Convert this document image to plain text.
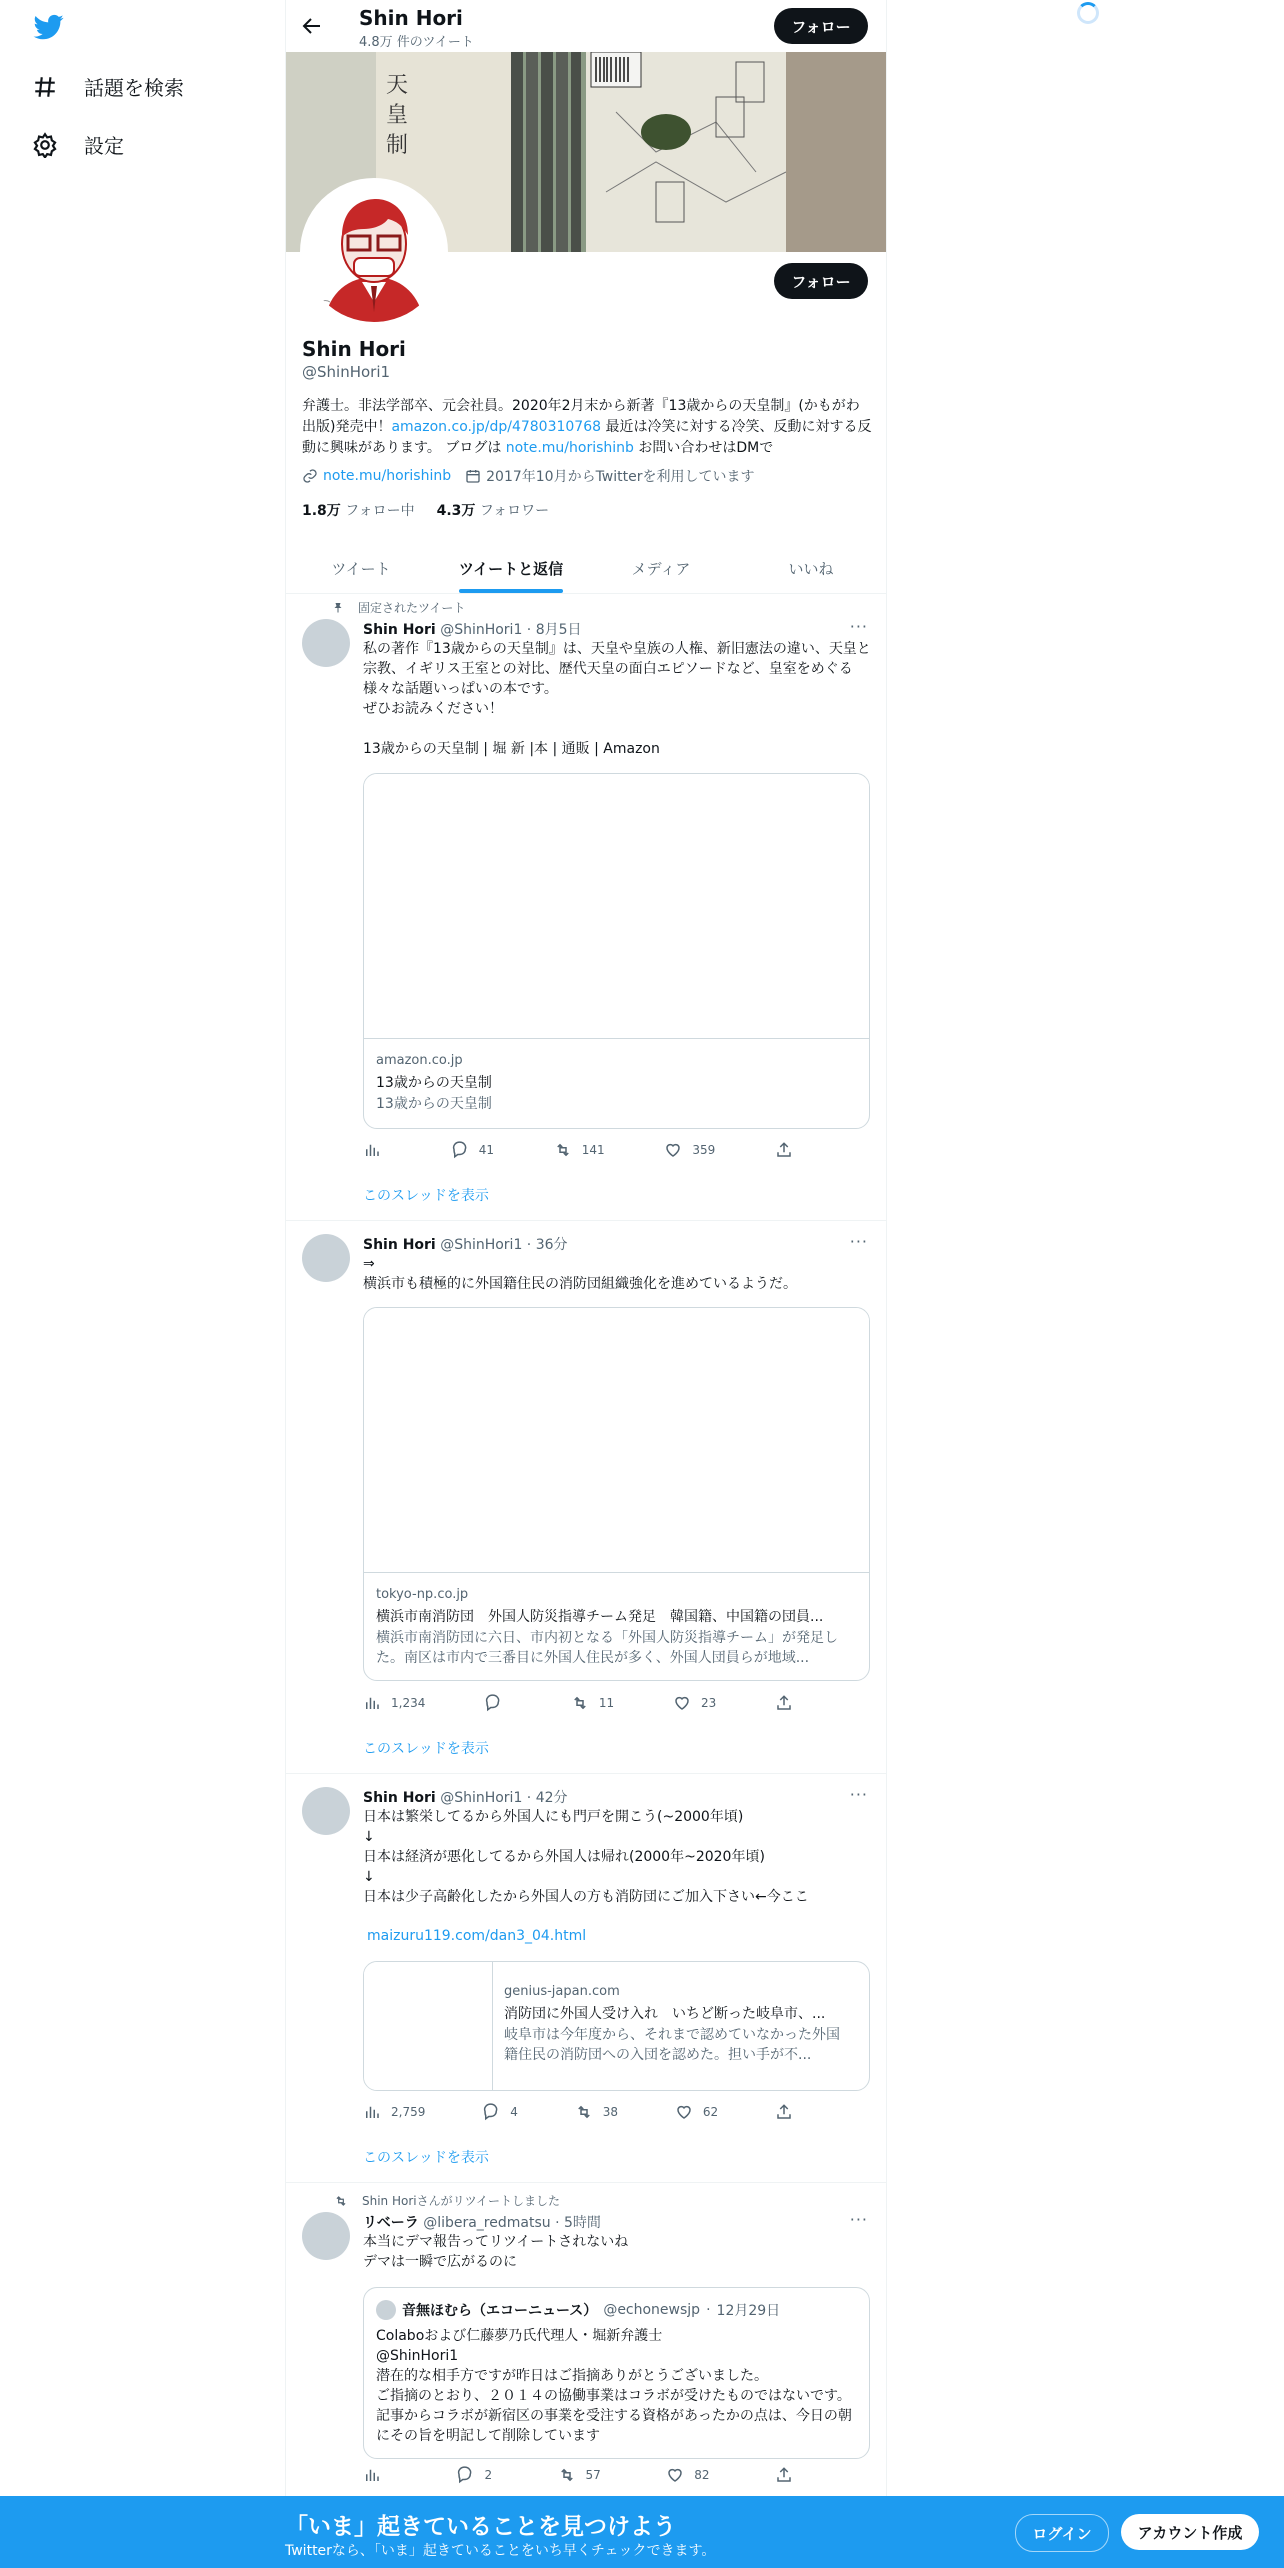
話題を検索
設定
Shin Hori
4.8万 件のツイート
フォロー
天
皇
制
フォロー
Shin Hori
@ShinHori1
弁護士。非法学部卒、元会社員。2020年2月末から新著『13歳からの天皇制』(かもがわ出版)発売中！amazon.co.jp/dp/4780310768 最近は冷笑に対する冷笑、反動に対する反動に興味があります。 ブログは note.mu/horishinb お問い合わせはDMで
note.mu/horishinb	2017年10月からTwitterを利用しています
1.8万 フォロー中 4.3万 フォロワー
ツイート	ツイートと返信	メディア	いいね
固定されたツイート
Shin Hori @ShinHori1 · 8月5日	···
私の著作『13歳からの天皇制』は、天皇や皇族の人権、新旧憲法の違い、天皇と宗教、イギリス王室との対比、歴代天皇の面白エピソードなど、皇室をめぐる様々な話題いっぱいの本です。
ぜひお読みください！

13歳からの天皇制 | 堀 新 |本 | 通販 | Amazon
amazon.co.jp
13歳からの天皇制
13歳からの天皇制
41	141	359
このスレッドを表示
Shin Hori @ShinHori1 · 36分	···
⇒
横浜市も積極的に外国籍住民の消防団組織強化を進めているようだ。
tokyo-np.co.jp
横浜市南消防団　外国人防災指導チーム発足　韓国籍、中国籍の団員...
横浜市南消防団に六日、市内初となる「外国人防災指導チーム」が発足した。南区は市内で三番目に外国人住民が多く、外国人団員らが地域...
1,234	11	23
このスレッドを表示
Shin Hori @ShinHori1 · 42分	···
日本は繁栄してるから外国人にも門戸を開こう(~2000年頃)
↓
日本は経済が悪化してるから外国人は帰れ(2000年~2020年頃)
↓
日本は少子高齢化したから外国人の方も消防団にご加入下さい←今ここ
maizuru119.com/dan3_04.html
genius-japan.com
消防団に外国人受け入れ　いちど断った岐阜市、...
岐阜市は今年度から、それまで認めていなかった外国籍住民の消防団への入団を認めた。担い手が不...
2,759	4	38	62
このスレッドを表示
Shin Horiさんがリツイートしました
リベーラ @libera_redmatsu · 5時間	···
本当にデマ報告ってリツイートされないね
デマは一瞬で広がるのに
音無ほむら（エコーニュース） @echonewsjp · 12月29日
Colaboおよび仁藤夢乃氏代理人・堀新弁護士
@ShinHori1
潜在的な相手方ですが昨日はご指摘ありがとうございました。
ご指摘のとおり、２０１４の協働事業はコラボが受けたものではないです。記事からコラボが新宿区の事業を受注する資格があったかの点は、今日の朝にその旨を明記して削除しています
2	57	82
「いま」起きていることを見つけよう
Twitterなら、「いま」起きていることをいち早くチェックできます。
ログイン	アカウント作成
